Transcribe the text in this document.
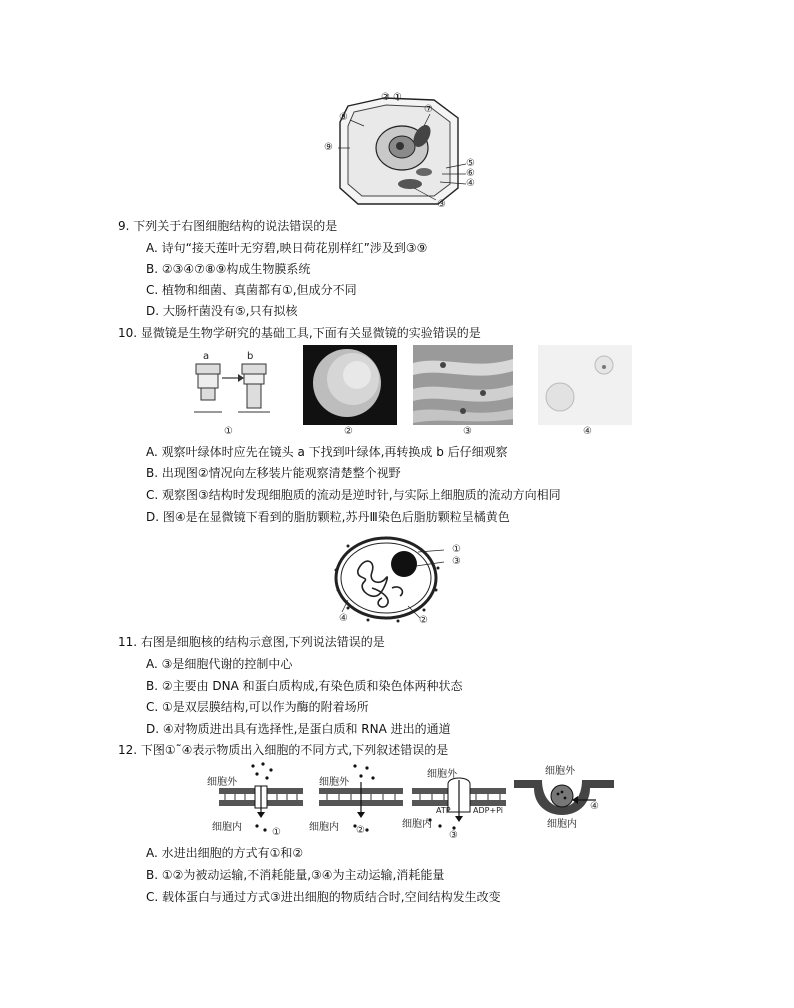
② ①
⑦
⑧
⑨
⑤
⑥
④
③
9. 下列关于右图细胞结构的说法错误的是
A. 诗句“接天莲叶无穷碧,映日荷花别样红”涉及到③⑨
B. ②③④⑦⑧⑨构成生物膜系统
C. 植物和细菌、真菌都有①,但成分不同
D. 大肠杆菌没有⑤,只有拟核
10. 显微镜是生物学研究的基础工具,下面有关显微镜的实验错误的是
a	b
①	②	③	④
A. 观察叶绿体时应先在镜头 a 下找到叶绿体,再转换成 b 后仔细观察
B. 出现图②情况向左移装片能观察清楚整个视野
C. 观察图③结构时发现细胞质的流动是逆时针,与实际上细胞质的流动方向相同
D. 图④是在显微镜下看到的脂肪颗粒,苏丹Ⅲ染色后脂肪颗粒呈橘黄色
①
③
②
④
11. 右图是细胞核的结构示意图,下列说法错误的是
A. ③是细胞代谢的控制中心
B. ②主要由 DNA 和蛋白质构成,有染色质和染色体两种状态
C. ①是双层膜结构,可以作为酶的附着场所
D. ④对物质进出具有选择性,是蛋白质和 RNA 进出的通道
12. 下图①˜④表示物质出入细胞的不同方式,下列叙述错误的是
细胞外
细胞内	①
细胞外
细胞内 ②
细胞外
ATP	ADP+Pi
细胞内
③
细胞外
细胞内
④
A. 水进出细胞的方式有①和②
B. ①②为被动运输,不消耗能量,③④为主动运输,消耗能量
C. 载体蛋白与通过方式③进出细胞的物质结合时,空间结构发生改变
